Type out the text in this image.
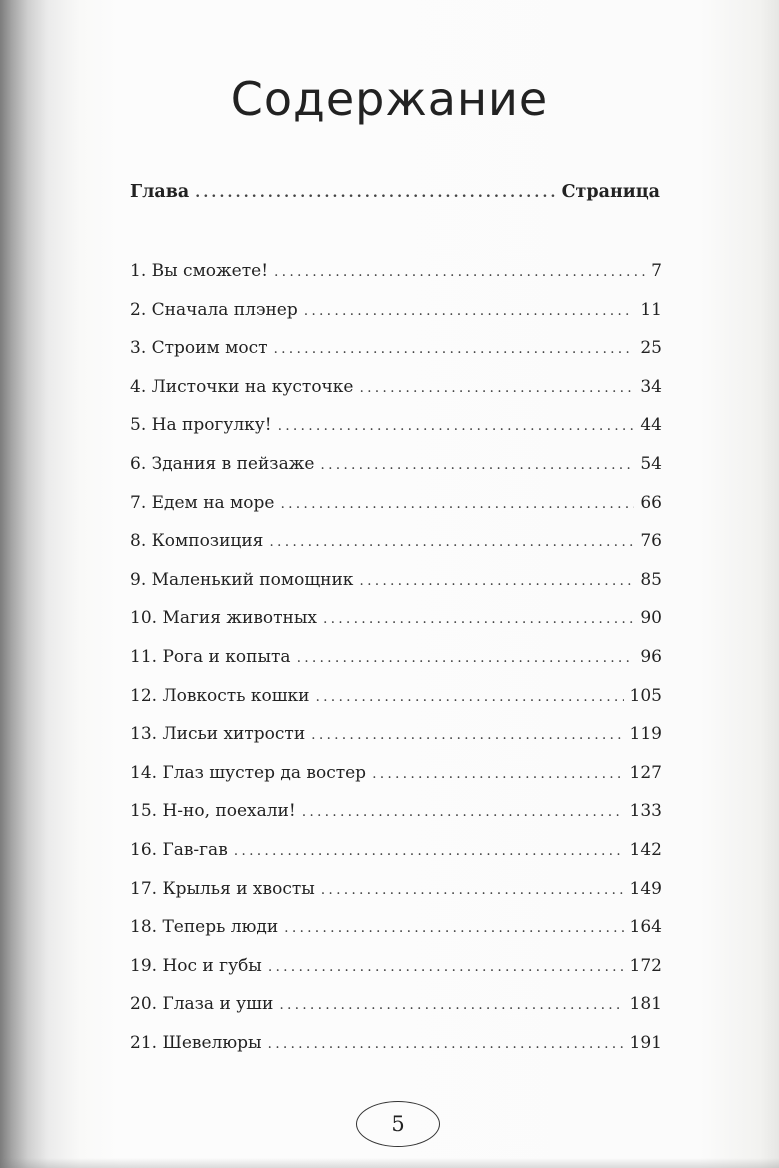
Содержание
Глава .....	Страница
1. Вы сможете! .....	7
2. Сначала плэнер .....	11
3. Строим мост .....	25
4. Листочки на кусточке .....	34
5. На прогулку! .....	44
6. Здания в пейзаже .....	54
7. Едем на море .....	66
8. Композиция .....	76
9. Маленький помощник .....	85
10. Магия животных .....	90
11. Рога и копыта .....	96
12. Ловкость кошки .....	105
13. Лисьи хитрости .....	119
14. Глаз шустер да востер .....	127
15. Н-но, поехали! .....	133
16. Гав-гав .....	142
17. Крылья и хвосты .....	149
18. Теперь люди .....	164
19. Нос и губы .....	172
20. Глаза и уши .....	181
21. Шевелюры .....	191
5
